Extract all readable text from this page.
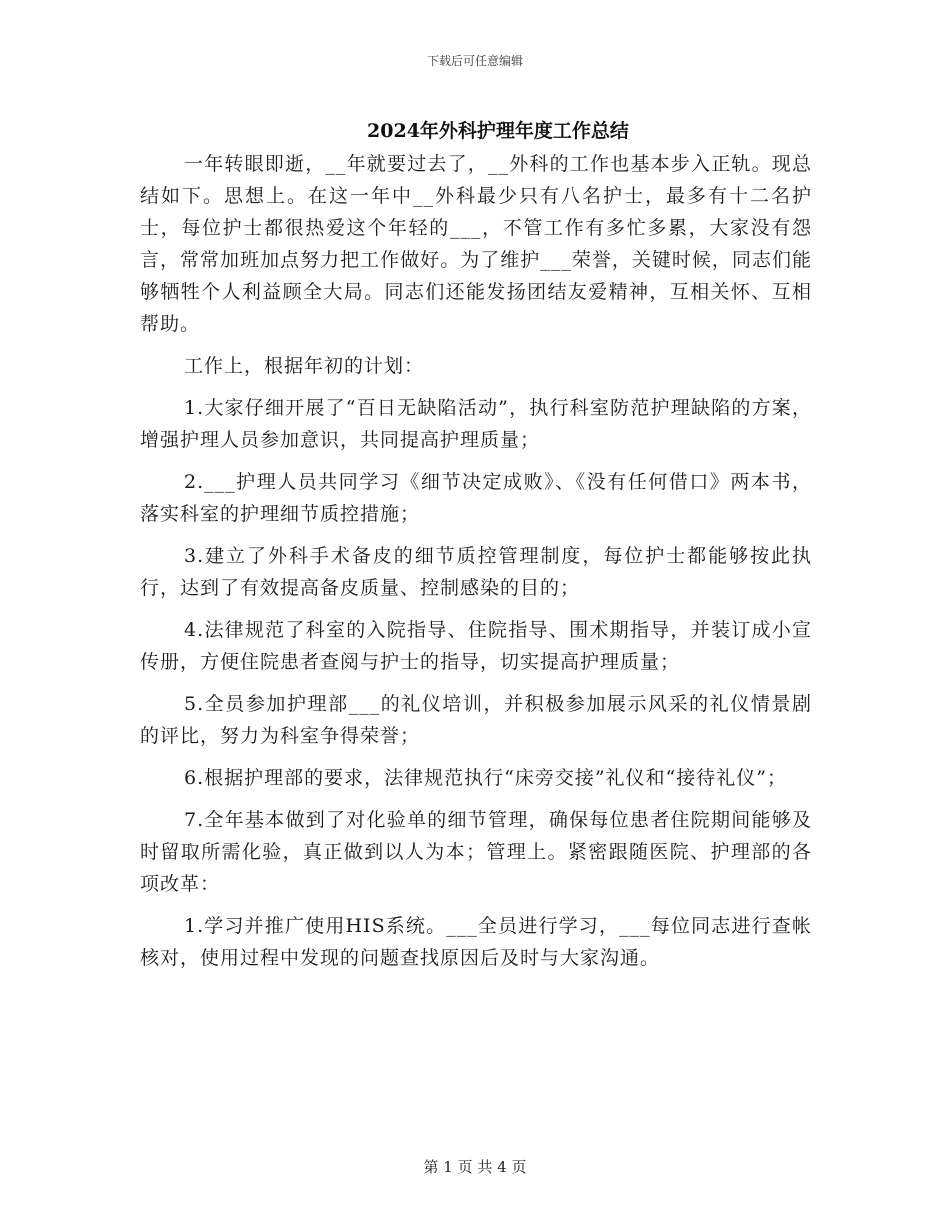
下载后可任意编辑
2024年外科护理年度工作总结

一年转眼即逝，__年就要过去了，__外科的工作也基本步入正轨。现总结如下。思想上。在这一年中__外科最少只有八名护士，最多有十二名护士，每位护士都很热爱这个年轻的___，不管工作有多忙多累，大家没有怨言，常常加班加点努力把工作做好。为了维护___荣誉，关键时候，同志们能够牺牲个人利益顾全大局。同志们还能发扬团结友爱精神，互相关怀、互相帮助。

工作上，根据年初的计划：

1.大家仔细开展了“百日无缺陷活动”，执行科室防范护理缺陷的方案，增强护理人员参加意识，共同提高护理质量；

2.___护理人员共同学习《细节决定成败》、《没有任何借口》两本书，落实科室的护理细节质控措施；

3.建立了外科手术备皮的细节质控管理制度，每位护士都能够按此执行，达到了有效提高备皮质量、控制感染的目的；

4.法律规范了科室的入院指导、住院指导、围术期指导，并装订成小宣传册，方便住院患者查阅与护士的指导，切实提高护理质量；

5.全员参加护理部___的礼仪培训，并积极参加展示风采的礼仪情景剧的评比，努力为科室争得荣誉；

6.根据护理部的要求，法律规范执行“床旁交接”礼仪和“接待礼仪”；

7.全年基本做到了对化验单的细节管理，确保每位患者住院期间能够及时留取所需化验，真正做到以人为本；管理上。紧密跟随医院、护理部的各项改革：

1.学习并推广使用HIS系统。___全员进行学习，___每位同志进行查帐核对，使用过程中发现的问题查找原因后及时与大家沟通。

第 1 页 共 4 页
